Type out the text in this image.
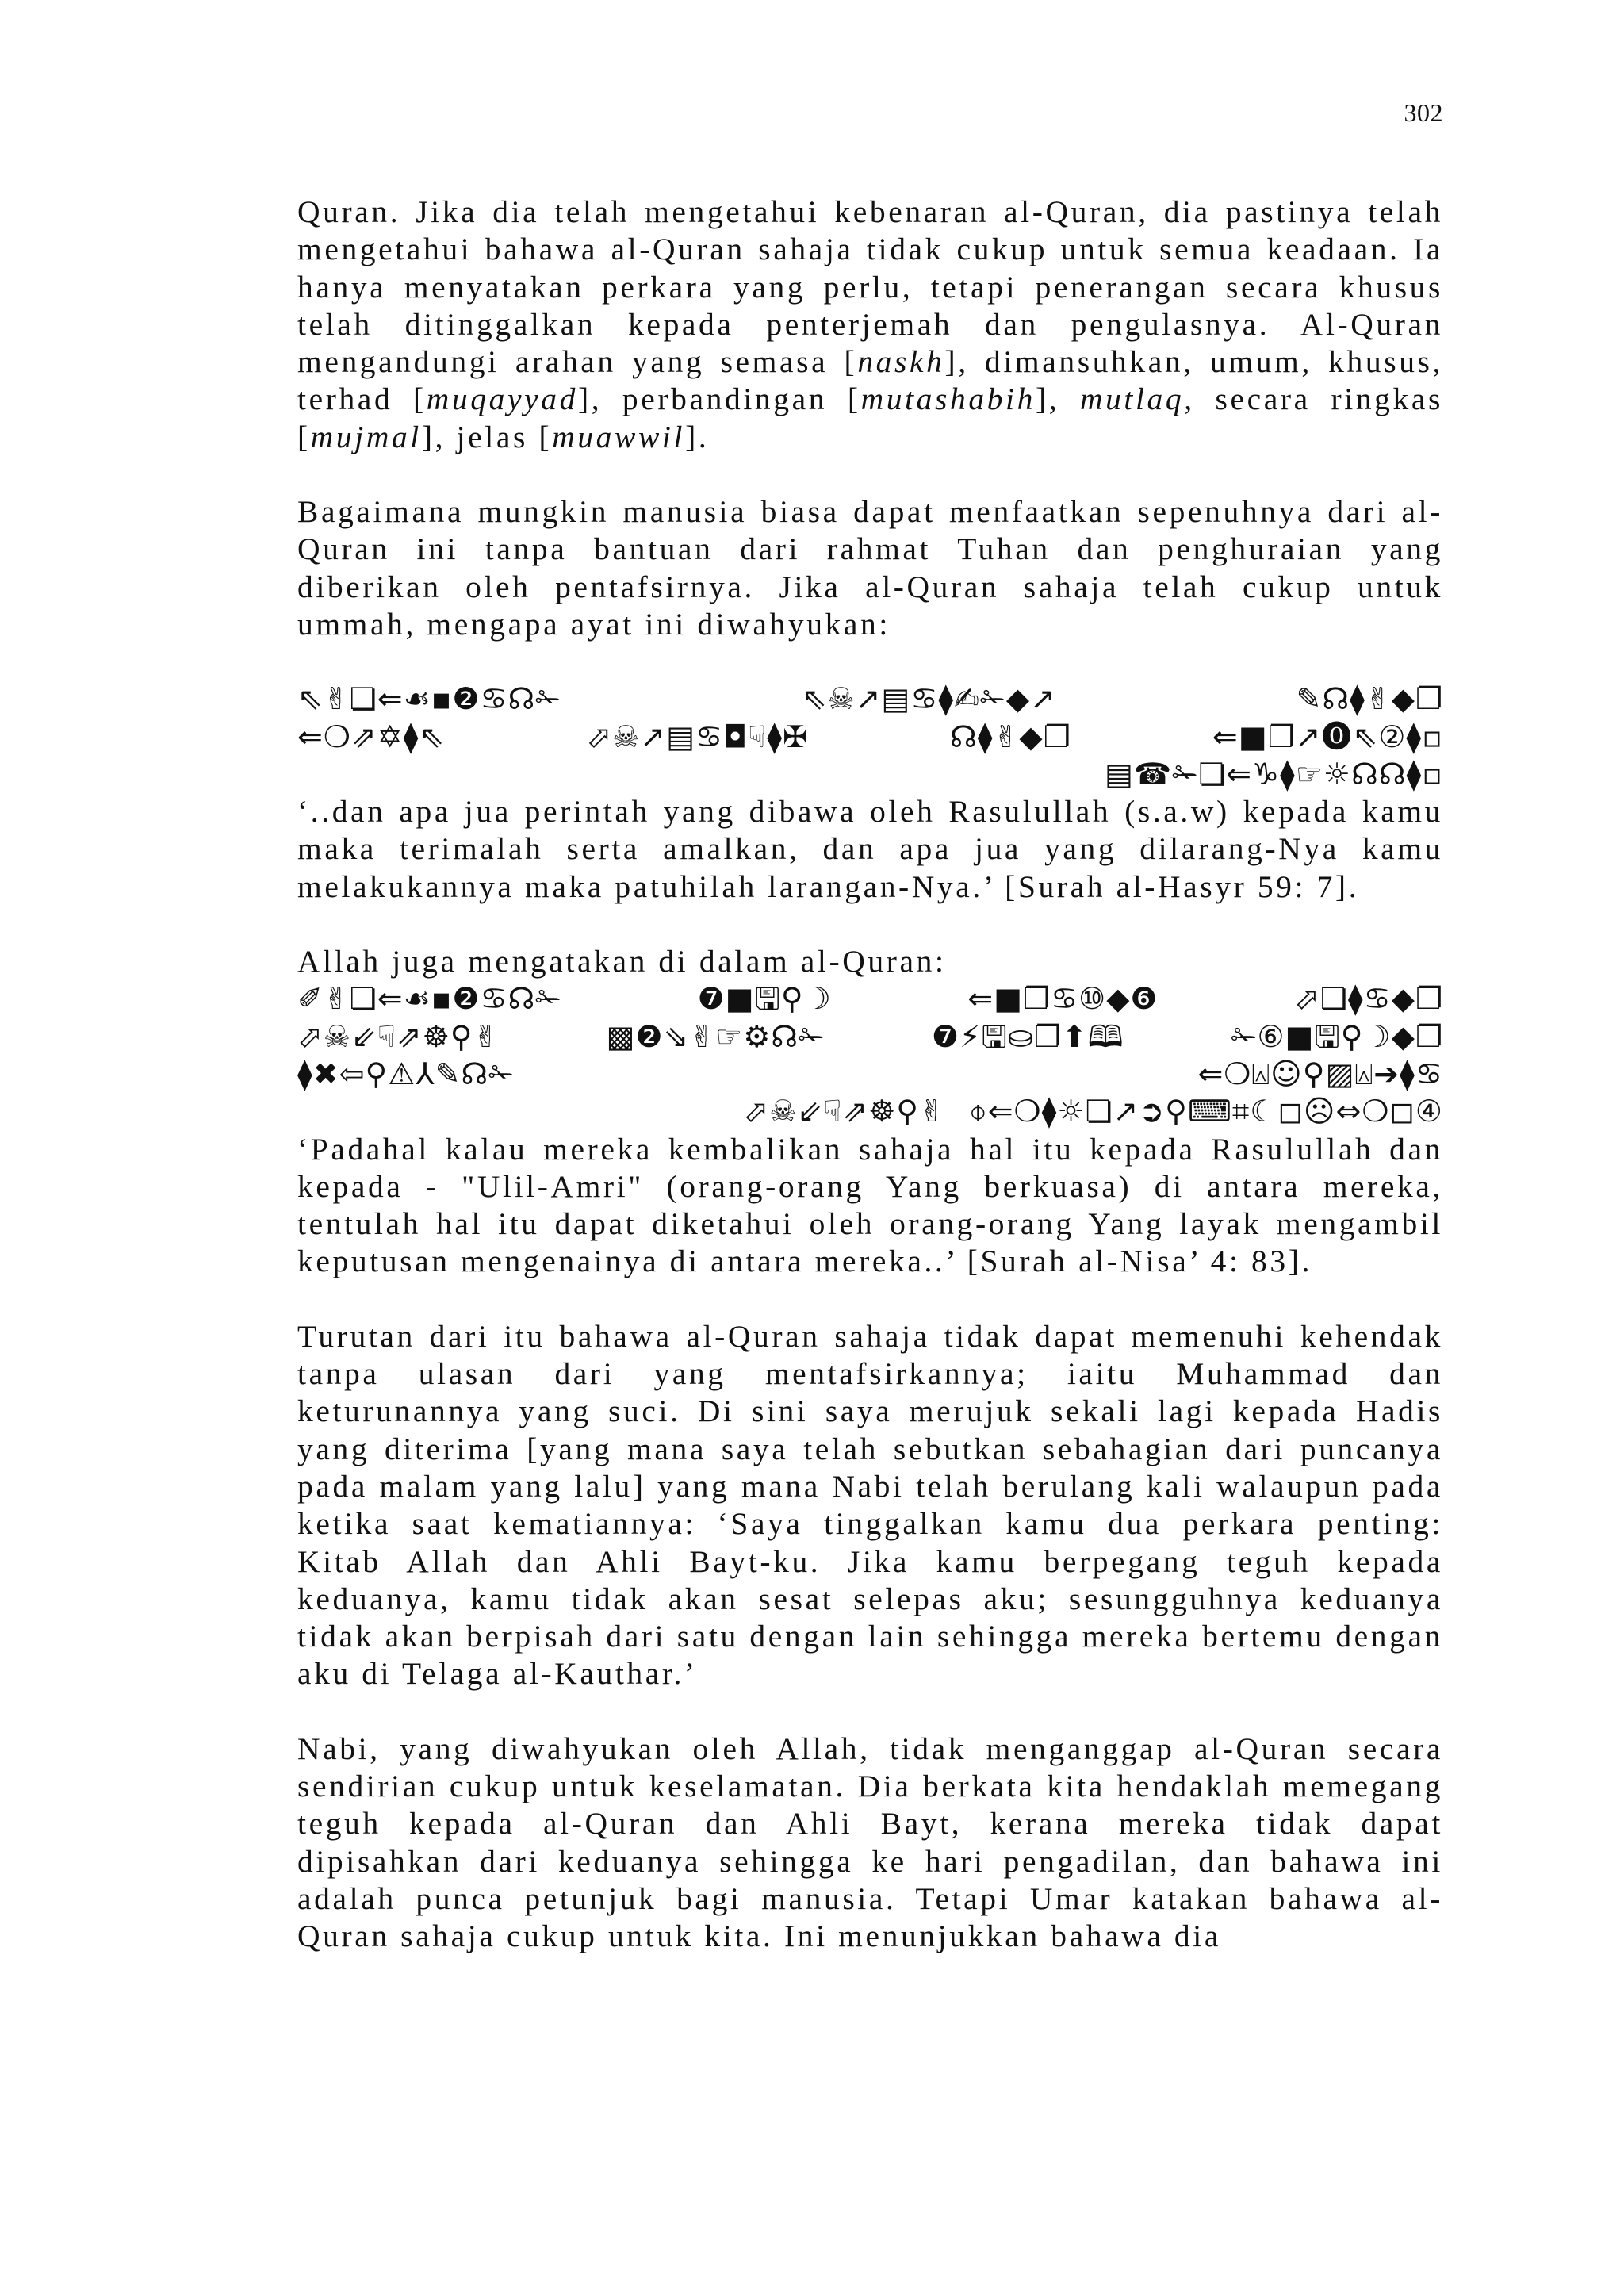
302

Quran. Jika dia telah mengetahui kebenaran al-Quran, dia pastinya telah mengetahui bahawa al-Quran sahaja tidak cukup untuk semua keadaan. Ia hanya menyatakan perkara yang perlu, tetapi penerangan secara khusus telah ditinggalkan kepada penterjemah dan pengulasnya. Al-Quran mengandungi arahan yang semasa [naskh], dimansuhkan, umum, khusus, terhad [muqayyad], perbandingan [mutashabih], mutlaq, secara ringkas [mujmal], jelas [muawwil].

Bagaimana mungkin manusia biasa dapat menfaatkan sepenuhnya dari al-Quran ini tanpa bantuan dari rahmat Tuhan dan penghuraian yang diberikan oleh pentafsirnya. Jika al-Quran sahaja telah cukup untuk ummah, mengapa ayat ini diwahyukan:

⇖✌❏⇐☙▪❷♋☊✁	⇖☠↗▤♋⧫✍✁◆↗	✎☊⧫✌◆❐
⇐❍⇗✡⧫⇖	⬀☠↗▤♋◘☟⧫✠	☊⧫✌◆❐	⇐■❐↗⓿⇖②⧫▫
▤☎✁❏⇐♑⧫☞☼☊☊⧫▫

‘..dan apa jua perintah yang dibawa oleh Rasulullah (s.a.w) kepada kamu maka terimalah serta amalkan, dan apa jua yang dilarang-Nya kamu melakukannya maka patuhilah larangan-Nya.’ [Surah al-Hasyr 59: 7].

Allah juga mengatakan di dalam al-Quran:

✐✌❏⇐☙▪❷♋☊✁	❼■🖫⚲☽	⇐■❐♋⑩◆❻	⬀❏⧫♋◆❐
⬀☠⇙☟⇗☸⚲✌	▩❷⇘✌☞⚙☊✁	❼⚡🖫⛀❐⬆🕮	✁⑥■🖫⚲☽◆❐
⧫✖⇦⚲⚠⅄✎☊✁	⇐❍⍓☺⚲▨⍓➔⧫♋
⬀☠⇙☟⇗☸⚲✌ ⌽⇐❍⧫☼❏↗➲⚲⌨⌗☾◻☹⇔❍◻④

‘Padahal kalau mereka kembalikan sahaja hal itu kepada Rasulullah dan kepada - "Ulil-Amri" (orang-orang Yang berkuasa) di antara mereka, tentulah hal itu dapat diketahui oleh orang-orang Yang layak mengambil keputusan mengenainya di antara mereka..’ [Surah al-Nisa’ 4: 83].

Turutan dari itu bahawa al-Quran sahaja tidak dapat memenuhi kehendak tanpa ulasan dari yang mentafsirkannya; iaitu Muhammad dan keturunannya yang suci. Di sini saya merujuk sekali lagi kepada Hadis yang diterima [yang mana saya telah sebutkan sebahagian dari puncanya pada malam yang lalu] yang mana Nabi telah berulang kali walaupun pada ketika saat kematiannya: ‘Saya tinggalkan kamu dua perkara penting: Kitab Allah dan Ahli Bayt-ku. Jika kamu berpegang teguh kepada keduanya, kamu tidak akan sesat selepas aku; sesungguhnya keduanya tidak akan berpisah dari satu dengan lain sehingga mereka bertemu dengan aku di Telaga al-Kauthar.’

Nabi, yang diwahyukan oleh Allah, tidak menganggap al-Quran secara sendirian cukup untuk keselamatan. Dia berkata kita hendaklah memegang teguh kepada al-Quran dan Ahli Bayt, kerana mereka tidak dapat dipisahkan dari keduanya sehingga ke hari pengadilan, dan bahawa ini adalah punca petunjuk bagi manusia. Tetapi Umar katakan bahawa al-Quran sahaja cukup untuk kita. Ini menunjukkan bahawa dia
